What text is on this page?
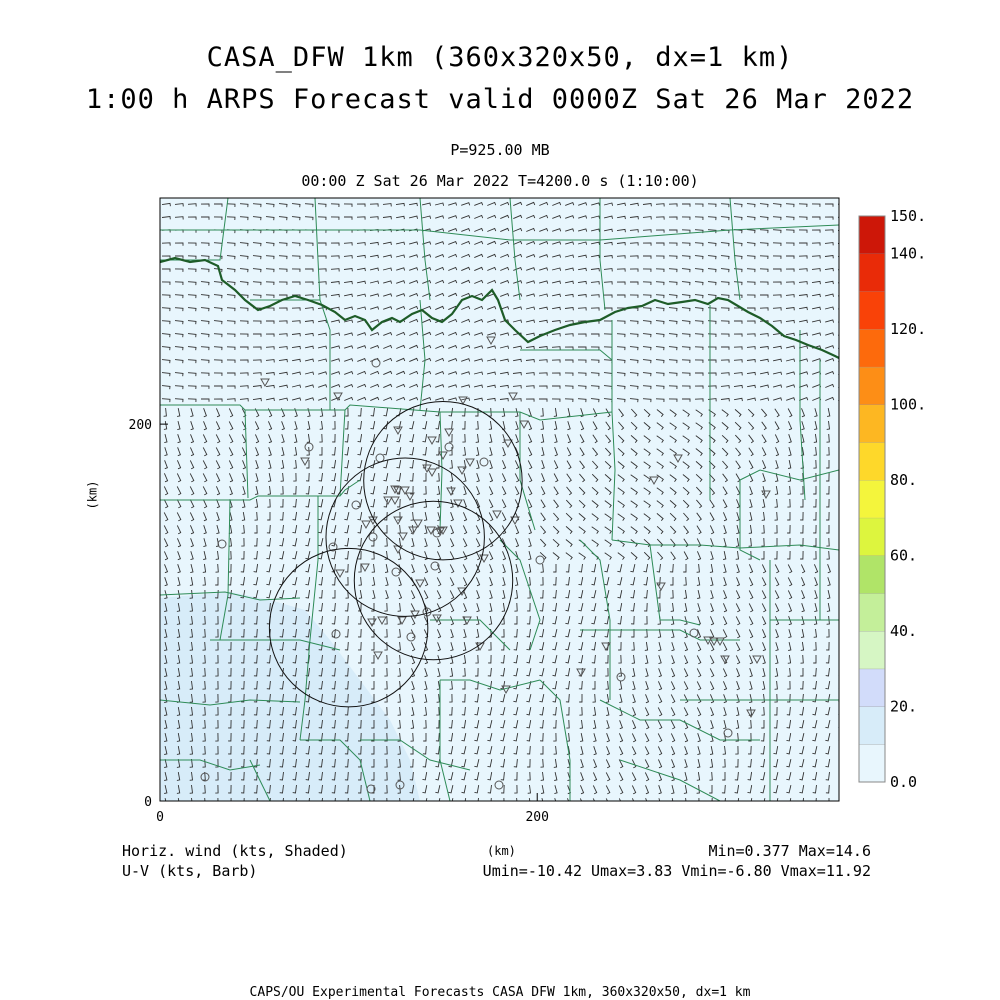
CASA_DFW 1km (360x320x50, dx=1 km)
1:00 h ARPS Forecast valid 0000Z Sat 26 Mar 2022
P=925.00 MB
00:00 Z Sat 26 Mar 2022 T=4200.0 s (1:10:00)
0	200
0
200
0.0
20.
40.
60.
80.
100.
120.
140.
150.
(km)
(km)
Horiz. wind (kts, Shaded)
U-V (kts, Barb)
Min=0.377 Max=14.6
Umin=-10.42 Umax=3.83 Vmin=-6.80 Vmax=11.92
CAPS/OU Experimental Forecasts CASA DFW 1km, 360x320x50, dx=1 km
